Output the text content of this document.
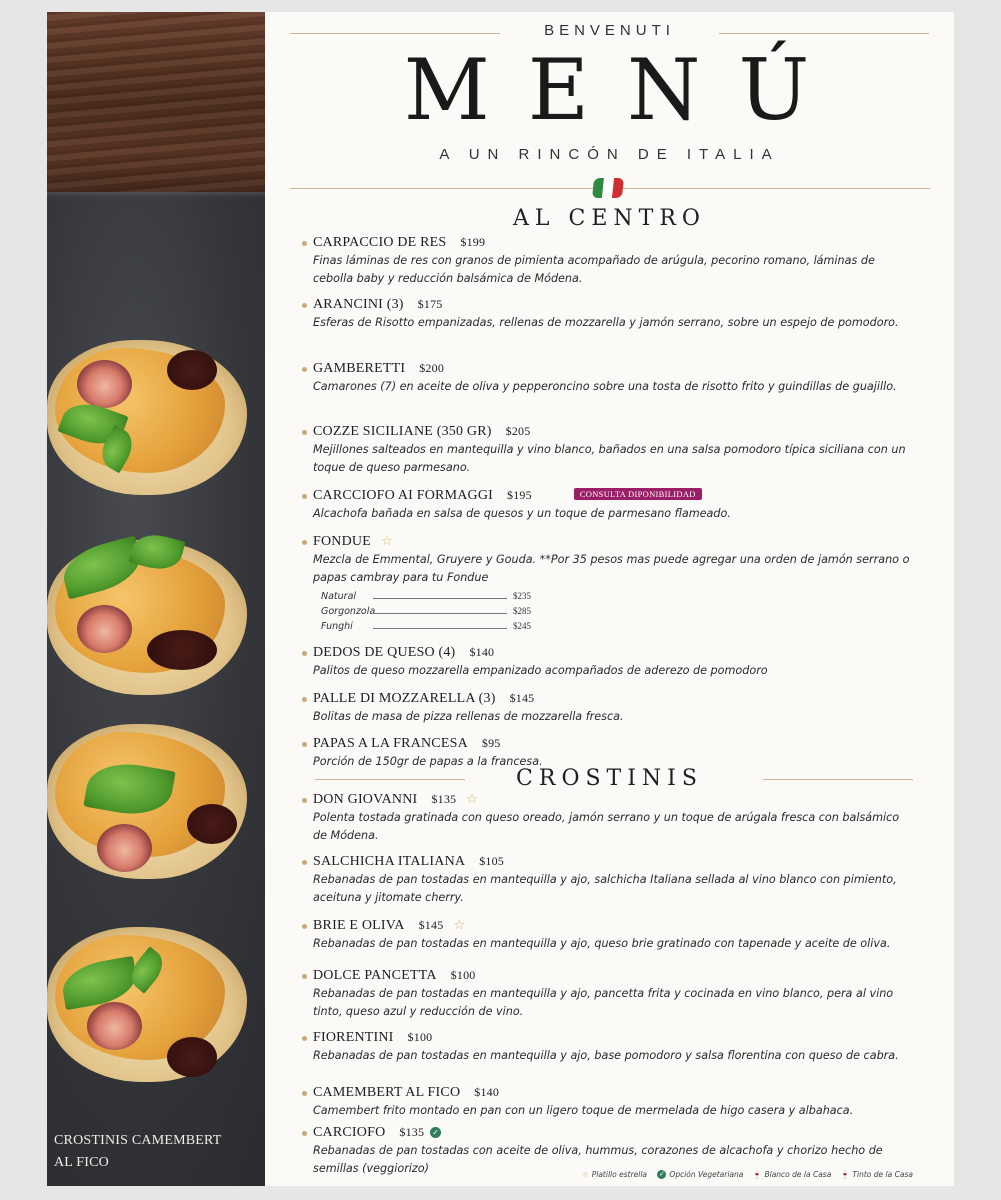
CROSTINIS CAMEMBERT
AL FICO
BENVENUTI
MENÚ
A UN RINCÓN DE ITALIA
AL CENTRO
CARPACCIO DE RES $199
Finas láminas de res con granos de pimienta acompañado de arúgula, pecorino romano, láminas de cebolla baby y reducción balsámica de Módena.
ARANCINI (3) $175
Esferas de Risotto empanizadas, rellenas de mozzarella y jamón serrano, sobre un espejo de pomodoro.
GAMBERETTI $200
Camarones (7) en aceite de oliva y pepperoncino sobre una tosta de risotto frito y guindillas de guajillo.
COZZE SICILIANE (350 GR) $205
Mejillones salteados en mantequilla y vino blanco, bañados en una salsa pomodoro típica siciliana con un toque de queso parmesano.
CARCCIOFO AI FORMAGGI $195	CONSULTA DIPONIBILIDAD
Alcachofa bañada en salsa de quesos y un toque de parmesano flameado.
FONDUE ☆
Mezcla de Emmental, Gruyere y Gouda. **Por 35 pesos mas puede agregar una orden de jamón serrano o papas cambray para tu Fondue
Natural	$235
Gorgonzola	$285
Funghi	$245
DEDOS DE QUESO (4) $140
Palitos de queso mozzarella empanizado acompañados de aderezo de pomodoro
PALLE DI MOZZARELLA (3) $145
Bolitas de masa de pizza rellenas de mozzarella fresca.
PAPAS A LA FRANCESA $95
Porción de 150gr de papas a la francesa.
CROSTINIS
DON GIOVANNI $135 ☆
Polenta tostada gratinada con queso oreado, jamón serrano y un toque de arúgala fresca con balsámico de Módena.
SALCHICHA ITALIANA $105
Rebanadas de pan tostadas en mantequilla y ajo, salchicha Italiana sellada al vino blanco con pimiento, aceituna y jitomate cherry.
BRIE E OLIVA $145 ☆
Rebanadas de pan tostadas en mantequilla y ajo, queso brie gratinado con tapenade y aceite de oliva.
DOLCE PANCETTA $100
Rebanadas de pan tostadas en mantequilla y ajo, pancetta frita y cocinada en vino blanco, pera al vino tinto, queso azul y reducción de vino.
FIORENTINI $100
Rebanadas de pan tostadas en mantequilla y ajo, base pomodoro y salsa florentina con queso de cabra.
CAMEMBERT AL FICO $140
Camembert frito montado en pan con un ligero toque de mermelada de higo casera y albahaca.
CARCIOFO $135 ✓
Rebanadas de pan tostadas con aceite de oliva, hummus, corazones de alcachofa y chorizo hecho de semillas (veggiorizo)	☆ Platillo estrella ✓ Opción Vegetariana 🍷 Blanco de la Casa 🍷 Tinto de la Casa
